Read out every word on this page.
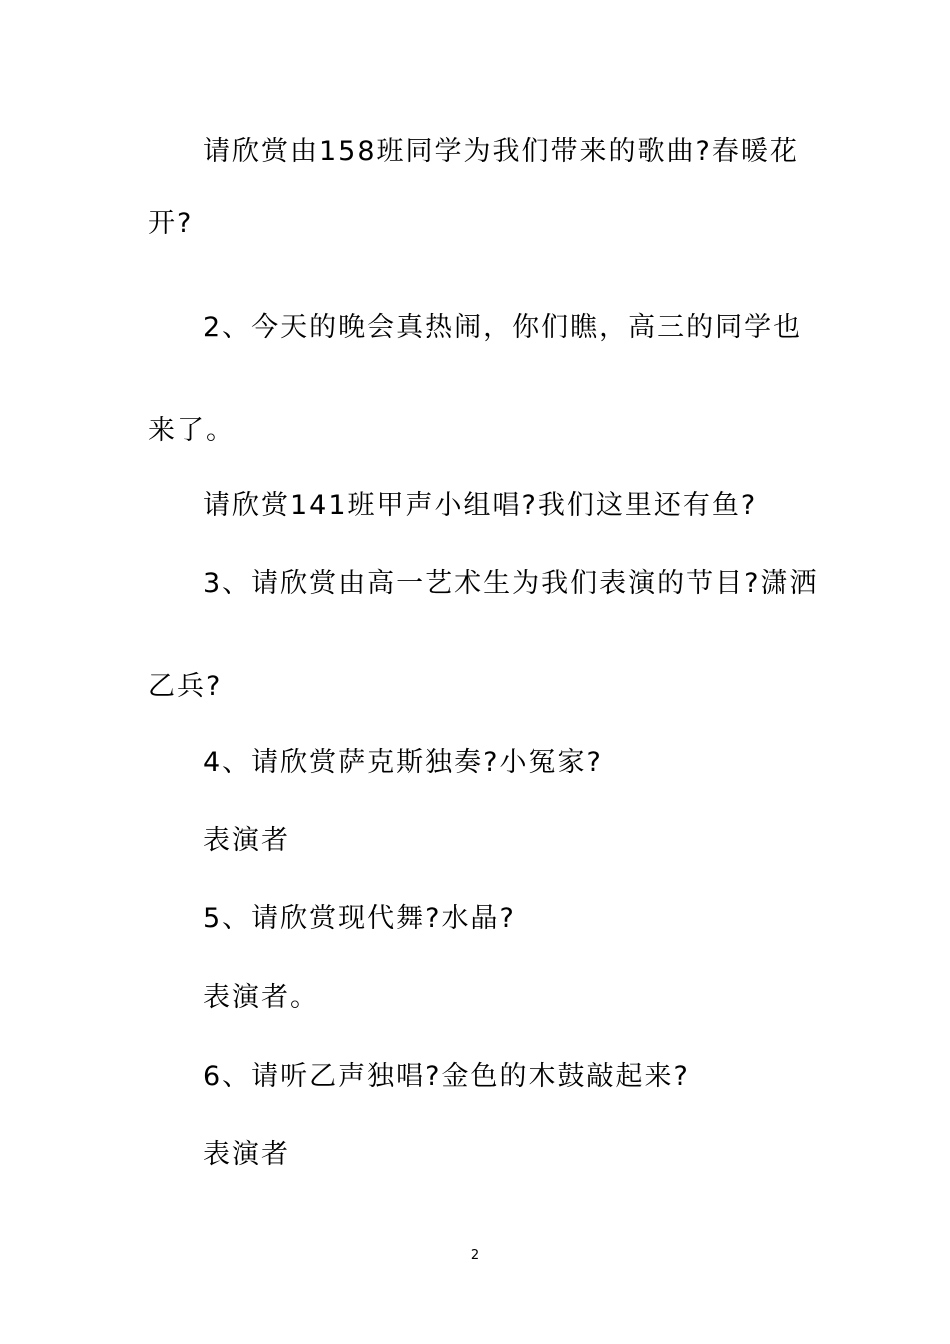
请欣赏由158班同学为我们带来的歌曲?春暖花
开?
2、今天的晚会真热闹，你们瞧，高三的同学也
来了。
请欣赏141班甲声小组唱?我们这里还有鱼?
3、请欣赏由高一艺术生为我们表演的节目?潇洒
乙兵?
4、请欣赏萨克斯独奏?小冤家?
表演者
5、请欣赏现代舞?水晶?
表演者。
6、请听乙声独唱?金色的木鼓敲起来?
表演者
2
